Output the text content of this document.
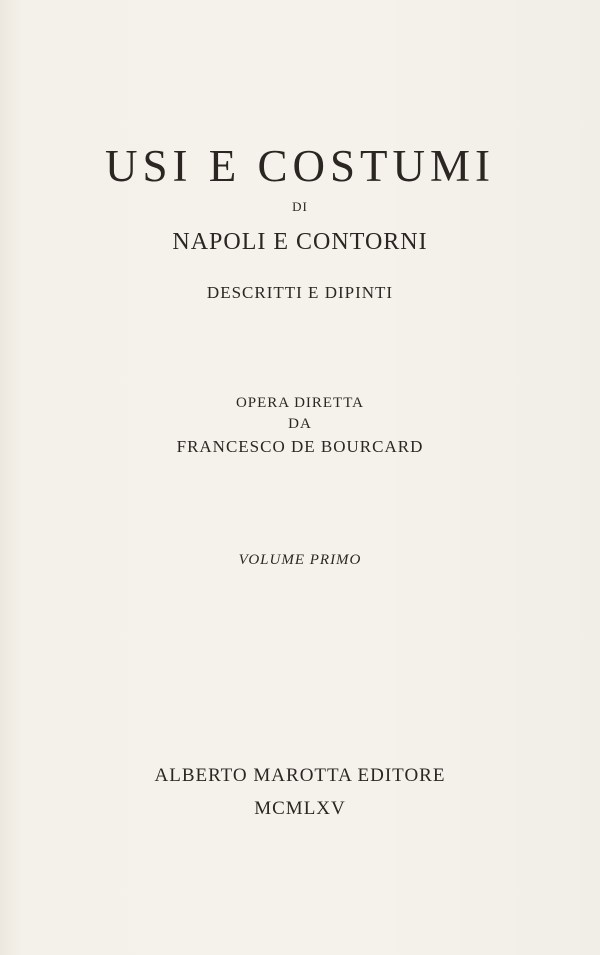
USI E COSTUMI
DI
NAPOLI E CONTORNI
DESCRITTI E DIPINTI
OPERA DIRETTA
DA
FRANCESCO DE BOURCARD
VOLUME PRIMO
ALBERTO MAROTTA EDITORE
MCMLXV
